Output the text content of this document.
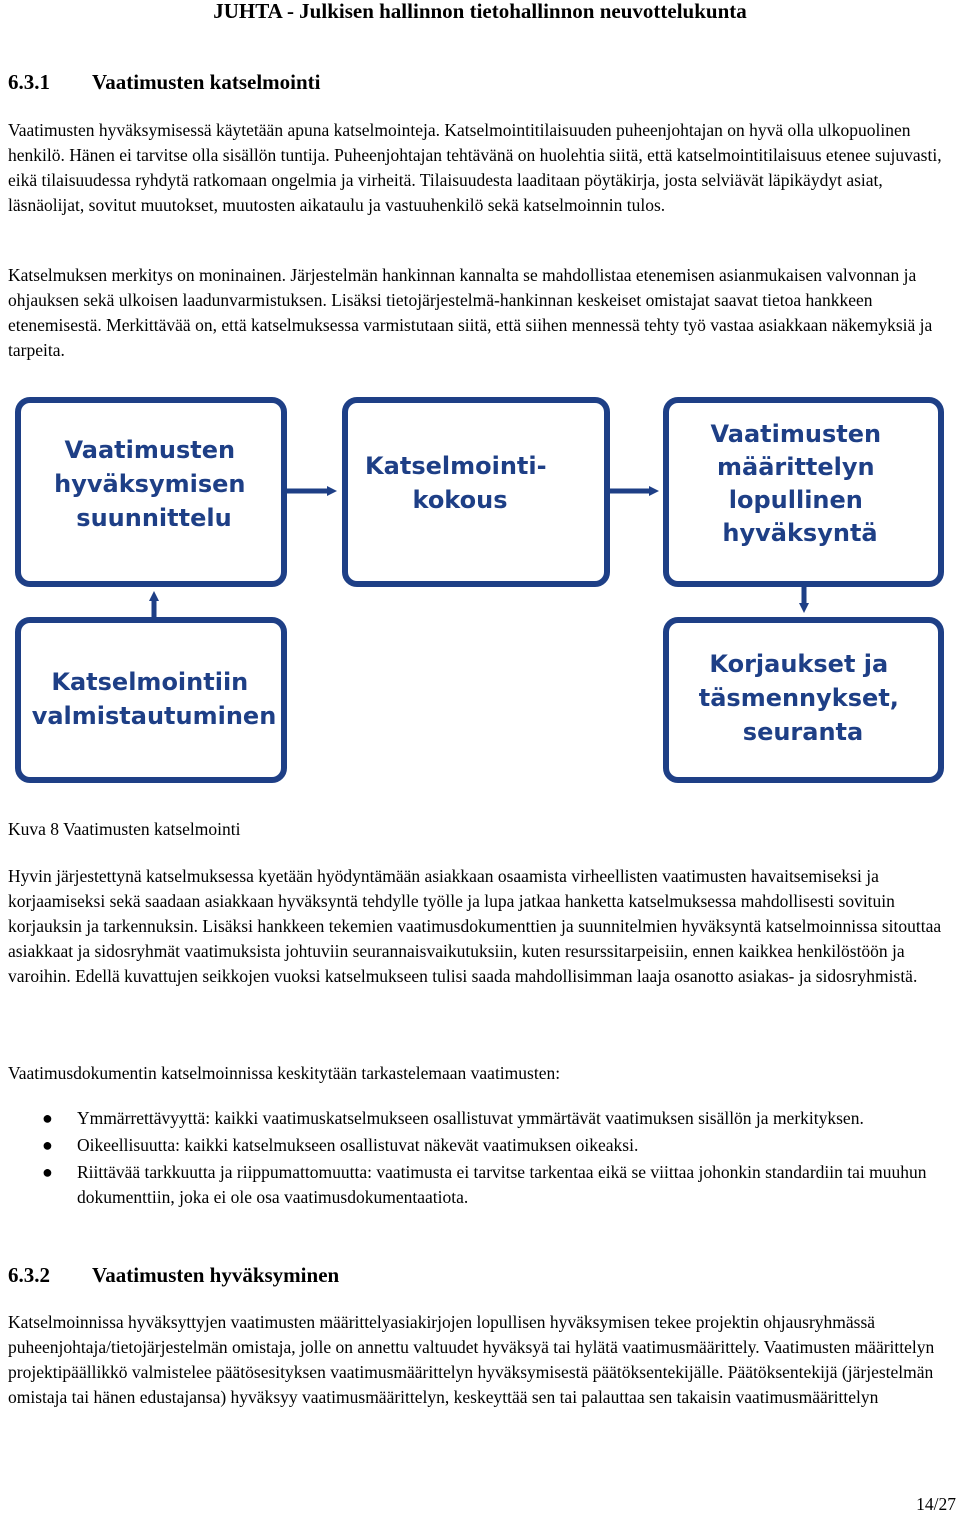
JUHTA - Julkisen hallinnon tietohallinnon neuvottelukunta
6.3.1 Vaatimusten katselmointi

Vaatimusten hyväksymisessä käytetään apuna katselmointeja. Katselmointitilaisuuden puheenjohtajan on hyvä olla ulkopuolinen henkilö. Hänen ei tarvitse olla sisällön tuntija. Puheenjohtajan tehtävänä on huolehtia siitä, että katselmointitilaisuus etenee sujuvasti, eikä tilaisuudessa ryhdytä ratkomaan ongelmia ja virheitä. Tilaisuudesta laaditaan pöytäkirja, josta selviävät läpikäydyt asiat, läsnäolijat, sovitut muutokset, muutosten aikataulu ja vastuuhenkilö sekä katselmoinnin tulos.

Katselmuksen merkitys on moninainen. Järjestelmän hankinnan kannalta se mahdollistaa etenemisen asianmukaisen valvonnan ja ohjauksen sekä ulkoisen laadunvarmistuksen. Lisäksi tietojärjestelmä-hankinnan keskeiset omistajat saavat tietoa hankkeen etenemisestä. Merkittävää on, että katselmuksessa varmistutaan siitä, että siihen mennessä tehty työ vastaa asiakkaan näkemyksiä ja tarpeita.

Vaatimusten hyväksymisen suunnittelu
Katselmointi- kokous
Vaatimusten määrittelyn lopullinen hyväksyntä
Katselmointiin valmistautuminen
Korjaukset ja täsmennykset, seuranta
Kuva 8 Vaatimusten katselmointi

Hyvin järjestettynä katselmuksessa kyetään hyödyntämään asiakkaan osaamista virheellisten vaatimusten havaitsemiseksi ja korjaamiseksi sekä saadaan asiakkaan hyväksyntä tehdylle työlle ja lupa jatkaa hanketta katselmuksessa mahdollisesti sovituin korjauksin ja tarkennuksin. Lisäksi hankkeen tekemien vaatimusdokumenttien ja suunnitelmien hyväksyntä katselmoinnissa sitouttaa asiakkaat ja sidosryhmät vaatimuksista johtuviin seurannaisvaikutuksiin, kuten resurssitarpeisiin, ennen kaikkea henkilöstöön ja varoihin. Edellä kuvattujen seikkojen vuoksi katselmukseen tulisi saada mahdollisimman laaja osanotto asiakas- ja sidosryhmistä.

Vaatimusdokumentin katselmoinnissa keskitytään tarkastelemaan vaatimusten:

● Ymmärrettävyyttä: kaikki vaatimuskatselmukseen osallistuvat ymmärtävät vaatimuksen sisällön ja merkityksen.
● Oikeellisuutta: kaikki katselmukseen osallistuvat näkevät vaatimuksen oikeaksi.
● Riittävää tarkkuutta ja riippumattomuutta: vaatimusta ei tarvitse tarkentaa eikä se viittaa johonkin standardiin tai muuhun dokumenttiin, joka ei ole osa vaatimusdokumentaatiota.
6.3.2 Vaatimusten hyväksyminen

Katselmoinnissa hyväksyttyjen vaatimusten määrittelyasiakirjojen lopullisen hyväksymisen tekee projektin ohjausryhmässä puheenjohtaja/tietojärjestelmän omistaja, jolle on annettu valtuudet hyväksyä tai hylätä vaatimusmäärittely. Vaatimusten määrittelyn projektipäällikkö valmistelee päätösesityksen vaatimusmäärittelyn hyväksymisestä päätöksentekijälle. Päätöksentekijä (järjestelmän omistaja tai hänen edustajansa) hyväksyy vaatimusmäärittelyn, keskeyttää sen tai palauttaa sen takaisin vaatimusmäärittelyn

14/27
